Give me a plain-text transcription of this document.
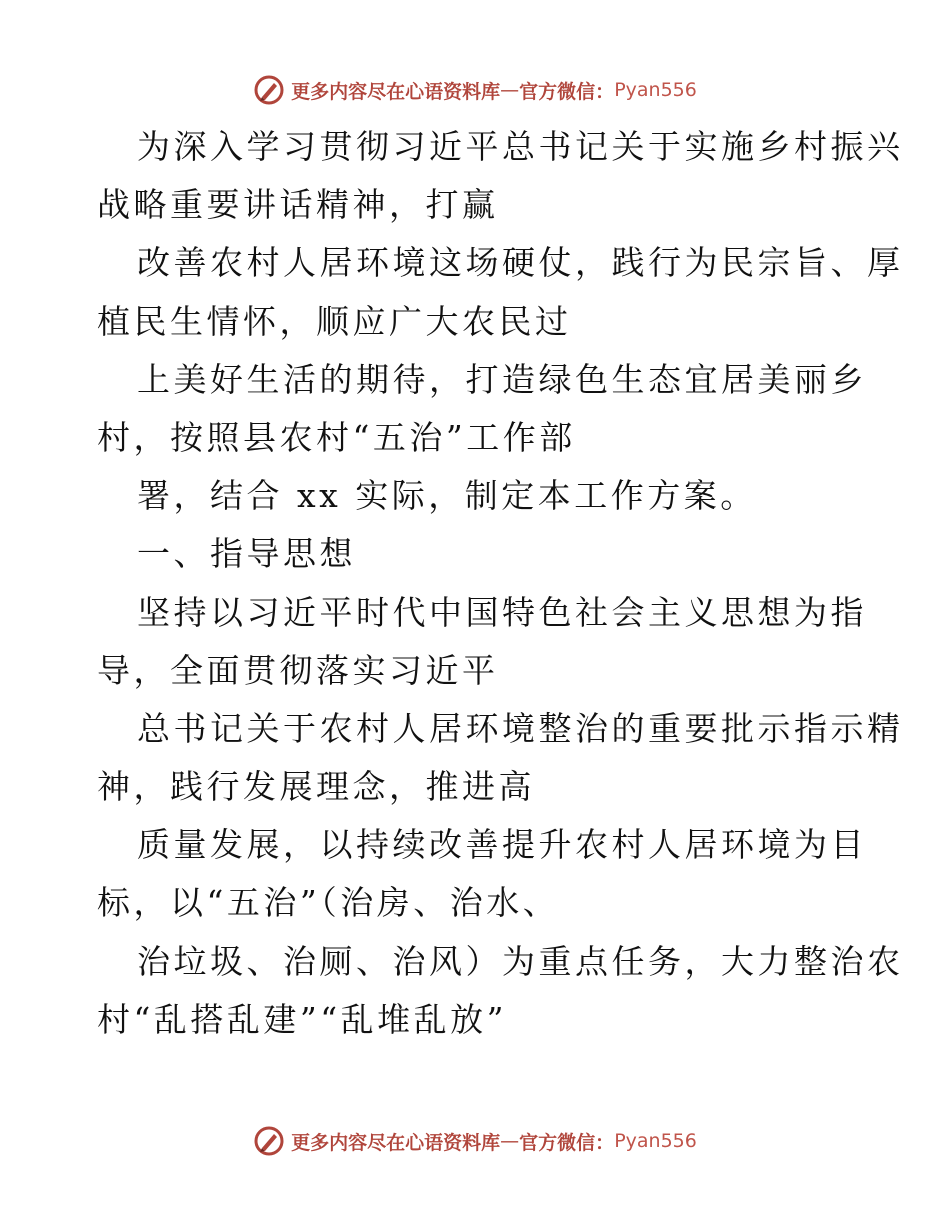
更多内容尽在心语资料库 — 官方微信： Pyan556
为深入学习贯彻习近平总书记关于实施乡村振兴
战略重要讲话精神，打赢
改善农村人居环境这场硬仗，践行为民宗旨、厚
植民生情怀，顺应广大农民过
上美好生活的期待，打造绿色生态宜居美丽乡
村，按照县农村“五治”工作部
署，结合 xx 实际，制定本工作方案。
一、指导思想
坚持以习近平时代中国特色社会主义思想为指
导，全面贯彻落实习近平
总书记关于农村人居环境整治的重要批示指示精
神，践行发展理念，推进高
质量发展，以持续改善提升农村人居环境为目
标，以“五治”（治房、治水、
治垃圾、治厕、治风）为重点任务，大力整治农
村“乱搭乱建”“乱堆乱放”
更多内容尽在心语资料库 — 官方微信： Pyan556
